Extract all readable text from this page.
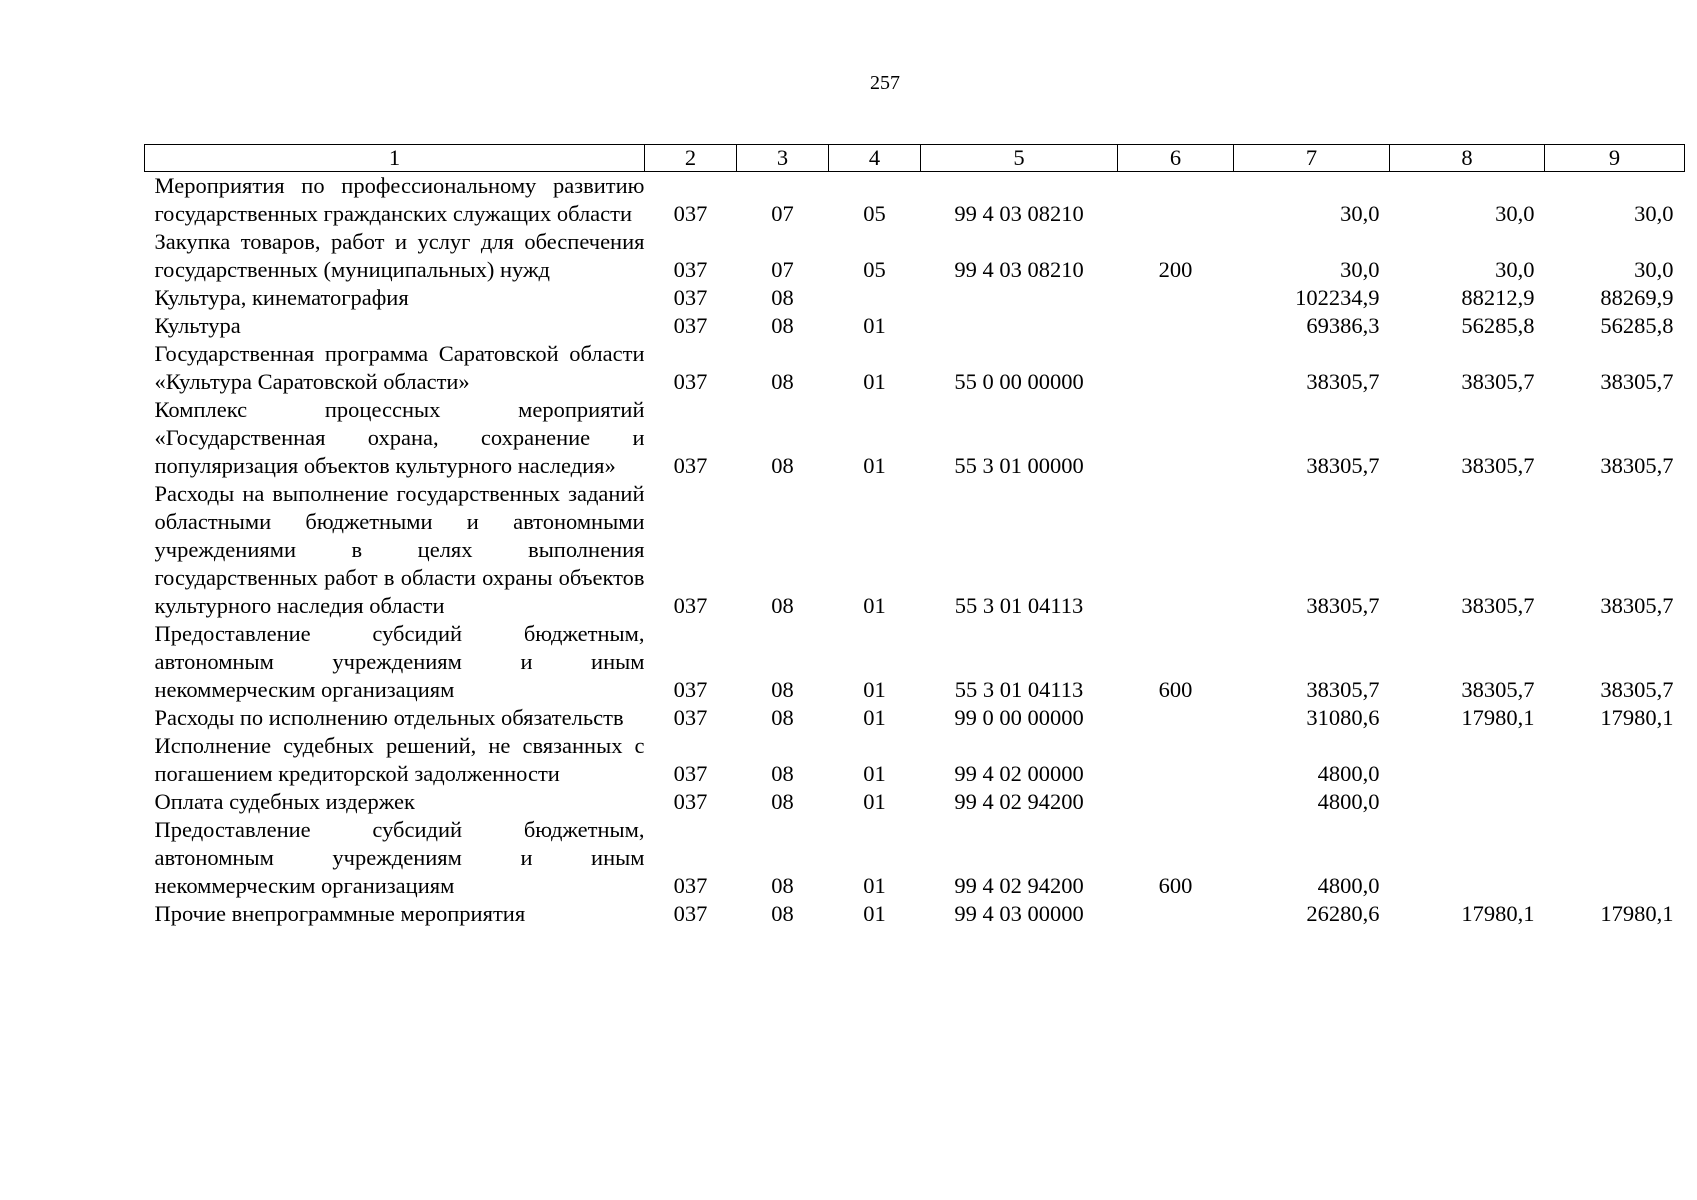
257
1	2	3	4	5	6	7	8	9
Мероприятия по профессиональному развитию государственных гражданских служащих области	037	07	05	99 4 03 08210		30,0	30,0	30,0
Закупка товаров, работ и услуг для обеспечения государственных (муниципальных) нужд	037	07	05	99 4 03 08210	200	30,0	30,0	30,0
Культура, кинематография	037	08				102234,9	88212,9	88269,9
Культура	037	08	01			69386,3	56285,8	56285,8
Государственная программа Саратовской области «Культура Саратовской области»	037	08	01	55 0 00 00000		38305,7	38305,7	38305,7
Комплекс процессных мероприятий «Государственная охрана, сохранение и популяризация объектов культурного наследия»	037	08	01	55 3 01 00000		38305,7	38305,7	38305,7
Расходы на выполнение государственных заданий областными бюджетными и автономными учреждениями в целях выполнения государственных работ в области охраны объектов культурного наследия области	037	08	01	55 3 01 04113		38305,7	38305,7	38305,7
Предоставление субсидий бюджетным, автономным учреждениям и иным некоммерческим организациям	037	08	01	55 3 01 04113	600	38305,7	38305,7	38305,7
Расходы по исполнению отдельных обязательств	037	08	01	99 0 00 00000		31080,6	17980,1	17980,1
Исполнение судебных решений, не связанных с погашением кредиторской задолженности	037	08	01	99 4 02 00000		4800,0		
Оплата судебных издержек	037	08	01	99 4 02 94200		4800,0		
Предоставление субсидий бюджетным, автономным учреждениям и иным некоммерческим организациям	037	08	01	99 4 02 94200	600	4800,0		
Прочие внепрограммные мероприятия	037	08	01	99 4 03 00000		26280,6	17980,1	17980,1
